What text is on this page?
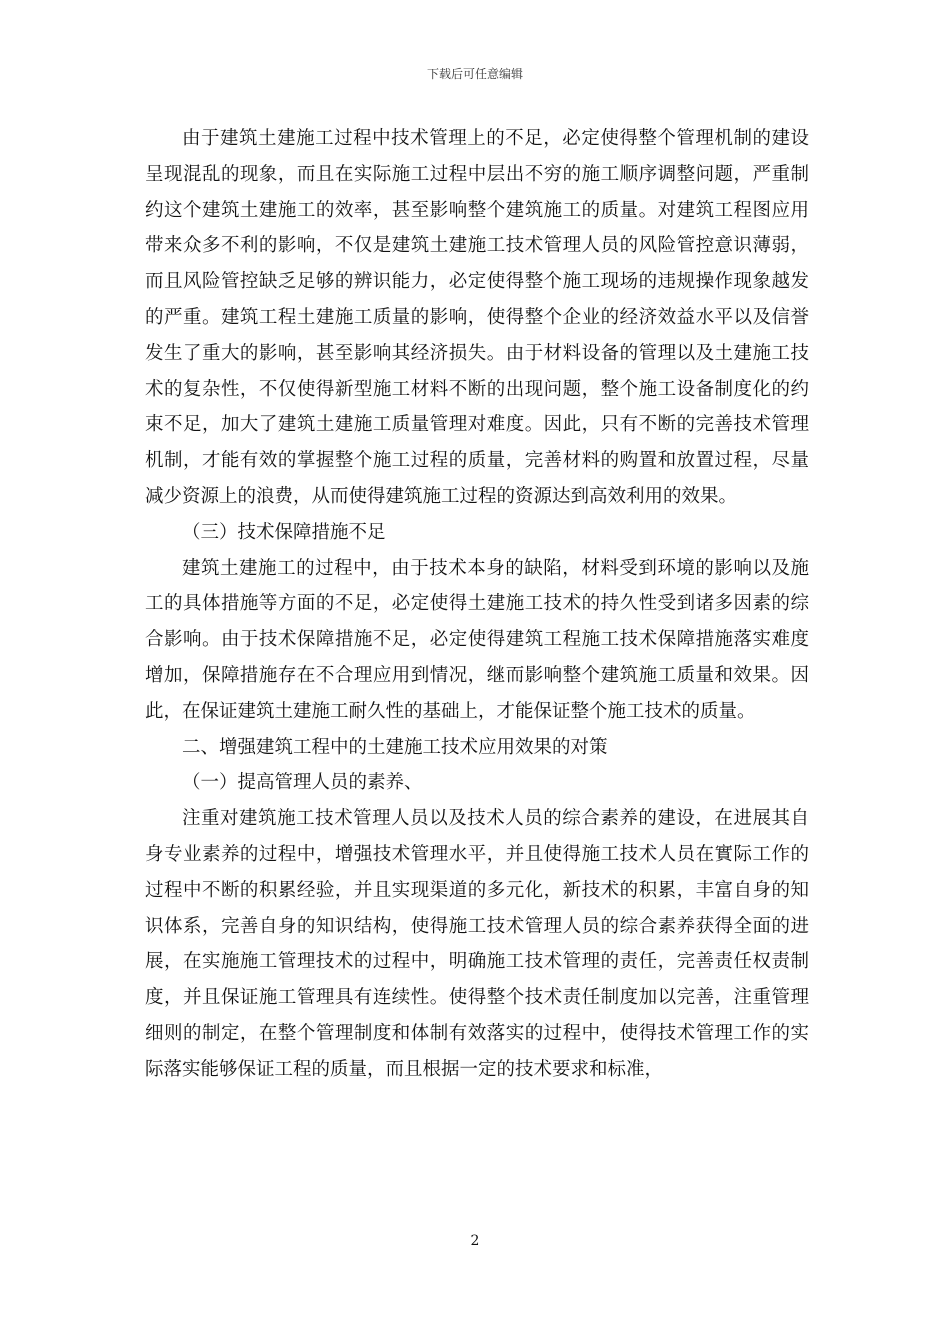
下载后可任意编辑

由于建筑土建施工过程中技术管理上的不足，必定使得整个管理机制的建设呈现混乱的现象，而且在实际施工过程中层出不穷的施工顺序调整问题，严重制约这个建筑土建施工的效率，甚至影响整个建筑施工的质量。对建筑工程图应用带来众多不利的影响，不仅是建筑土建施工技术管理人员的风险管控意识薄弱，而且风险管控缺乏足够的辨识能力，必定使得整个施工现场的违规操作现象越发的严重。建筑工程土建施工质量的影响，使得整个企业的经济效益水平以及信誉发生了重大的影响，甚至影响其经济损失。由于材料设备的管理以及土建施工技术的复杂性，不仅使得新型施工材料不断的出现问题，整个施工设备制度化的约束不足，加大了建筑土建施工质量管理对难度。因此，只有不断的完善技术管理机制，才能有效的掌握整个施工过程的质量，完善材料的购置和放置过程，尽量减少资源上的浪费，从而使得建筑施工过程的资源达到高效利用的效果。

（三）技术保障措施不足

建筑土建施工的过程中，由于技术本身的缺陷，材料受到环境的影响以及施工的具体措施等方面的不足，必定使得土建施工技术的持久性受到诸多因素的综合影响。由于技术保障措施不足，必定使得建筑工程施工技术保障措施落实难度增加，保障措施存在不合理应用到情况，继而影响整个建筑施工质量和效果。因此，在保证建筑土建施工耐久性的基础上，才能保证整个施工技术的质量。

二、增强建筑工程中的土建施工技术应用效果的对策

（一）提高管理人员的素养、

注重对建筑施工技术管理人员以及技术人员的综合素养的建设，在进展其自身专业素养的过程中，增强技术管理水平，并且使得施工技术人员在實际工作的过程中不断的积累经验，并且实现渠道的多元化，新技术的积累，丰富自身的知识体系，完善自身的知识结构，使得施工技术管理人员的综合素养获得全面的进展，在实施施工管理技术的过程中，明确施工技术管理的责任，完善责任权责制度，并且保证施工管理具有连续性。使得整个技术责任制度加以完善，注重管理细则的制定，在整个管理制度和体制有效落实的过程中，使得技术管理工作的实际落实能够保证工程的质量，而且根据一定的技术要求和标准，

2
